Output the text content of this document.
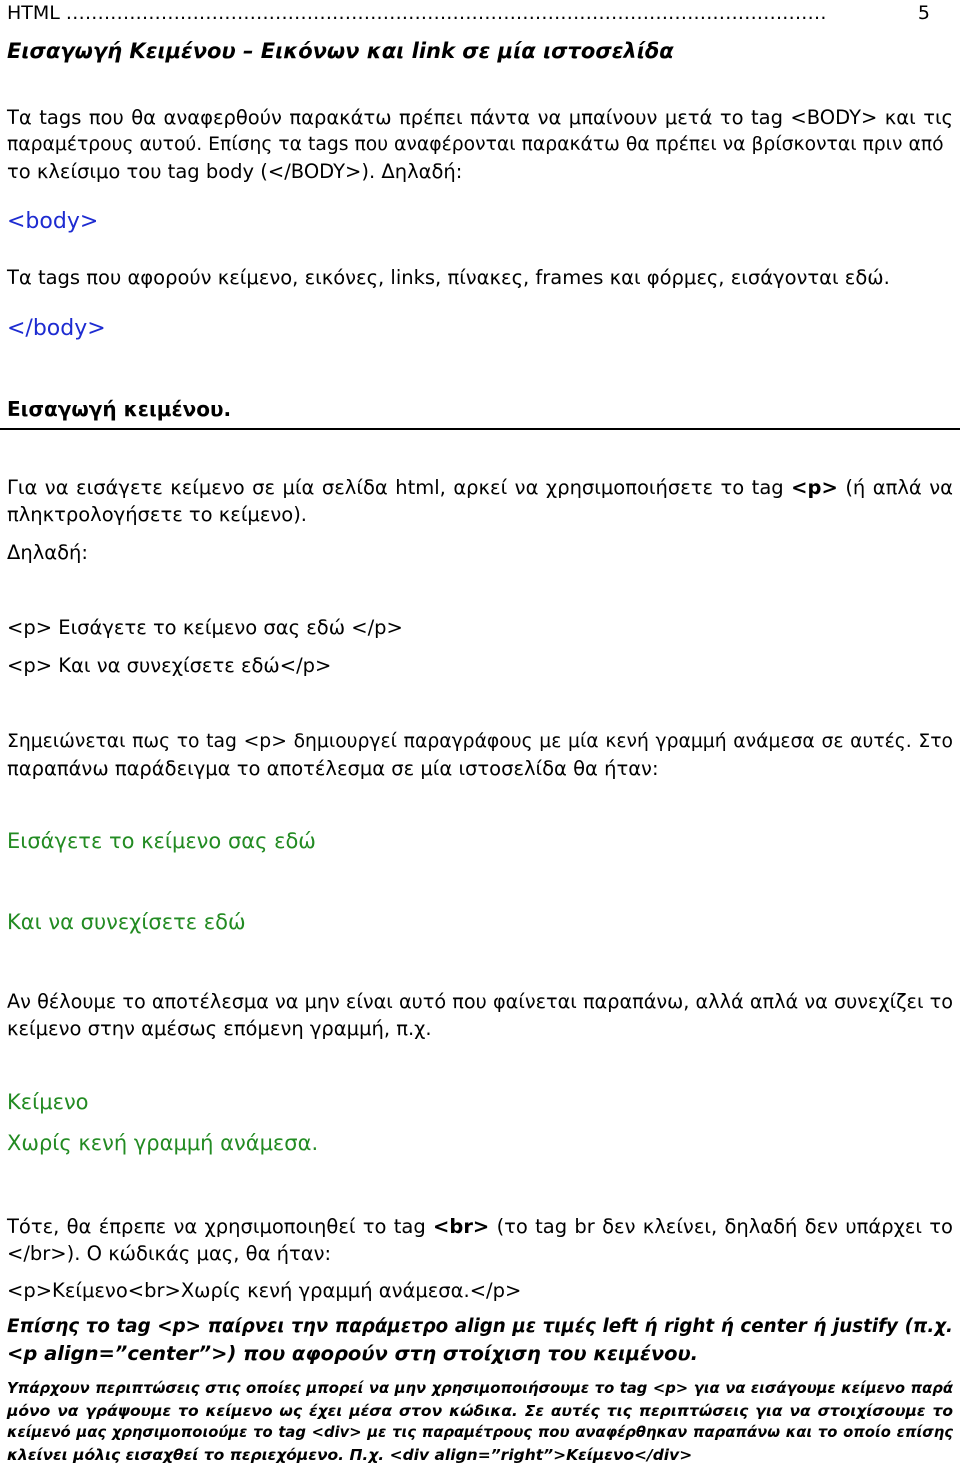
HTML ........................................................................................................................	5
Εισαγωγή Κειμένου – Εικόνων και link σε μία ιστοσελίδα
Τα tags που θα αναφερθούν παρακάτω πρέπει πάντα να μπαίνουν μετά το tag <BODY> και τις
παραμέτρους αυτού. Επίσης τα tags που αναφέρονται παρακάτω θα πρέπει να βρίσκονται πριν από
το κλείσιμο του tag body (</BODY>). Δηλαδή:
<body>
Τα tags που αφορούν κείμενο, εικόνες, links, πίνακες, frames και φόρμες, εισάγονται εδώ.
</body>
Εισαγωγή κειμένου.
Για να εισάγετε κείμενο σε μία σελίδα html, αρκεί να χρησιμοποιήσετε το tag <p> (ή απλά να
πληκτρολογήσετε το κείμενο).
Δηλαδή:
<p> Εισάγετε το κείμενο σας εδώ </p>
<p> Και να συνεχίσετε εδώ</p>
Σημειώνεται πως το tag <p> δημιουργεί παραγράφους με μία κενή γραμμή ανάμεσα σε αυτές. Στο
παραπάνω παράδειγμα το αποτέλεσμα σε μία ιστοσελίδα θα ήταν:
Εισάγετε το κείμενο σας εδώ
Και να συνεχίσετε εδώ
Αν θέλουμε το αποτέλεσμα να μην είναι αυτό που φαίνεται παραπάνω, αλλά απλά να συνεχίζει το
κείμενο στην αμέσως επόμενη γραμμή, π.χ.
Κείμενο
Χωρίς κενή γραμμή ανάμεσα.
Τότε, θα έπρεπε να χρησιμοποιηθεί το tag <br> (το tag br δεν κλείνει, δηλαδή δεν υπάρχει το
</br>). Ο κώδικάς μας, θα ήταν:
<p>Κείμενο<br>Χωρίς κενή γραμμή ανάμεσα.</p>
Επίσης το tag <p> παίρνει την παράμετρο align με τιμές left ή right ή center ή justify (π.χ.
<p align=”center”>) που αφορούν στη στοίχιση του κειμένου.
Υπάρχουν περιπτώσεις στις οποίες μπορεί να μην χρησιμοποιήσουμε το tag <p> για να εισάγουμε κείμενο παρά
μόνο να γράψουμε το κείμενο ως έχει μέσα στον κώδικα. Σε αυτές τις περιπτώσεις για να στοιχίσουμε το
κείμενό μας χρησιμοποιούμε το tag <div> με τις παραμέτρους που αναφέρθηκαν παραπάνω και το οποίο επίσης
κλείνει μόλις εισαχθεί το περιεχόμενο. Π.χ. <div align=”right”>Κείμενο</div>
